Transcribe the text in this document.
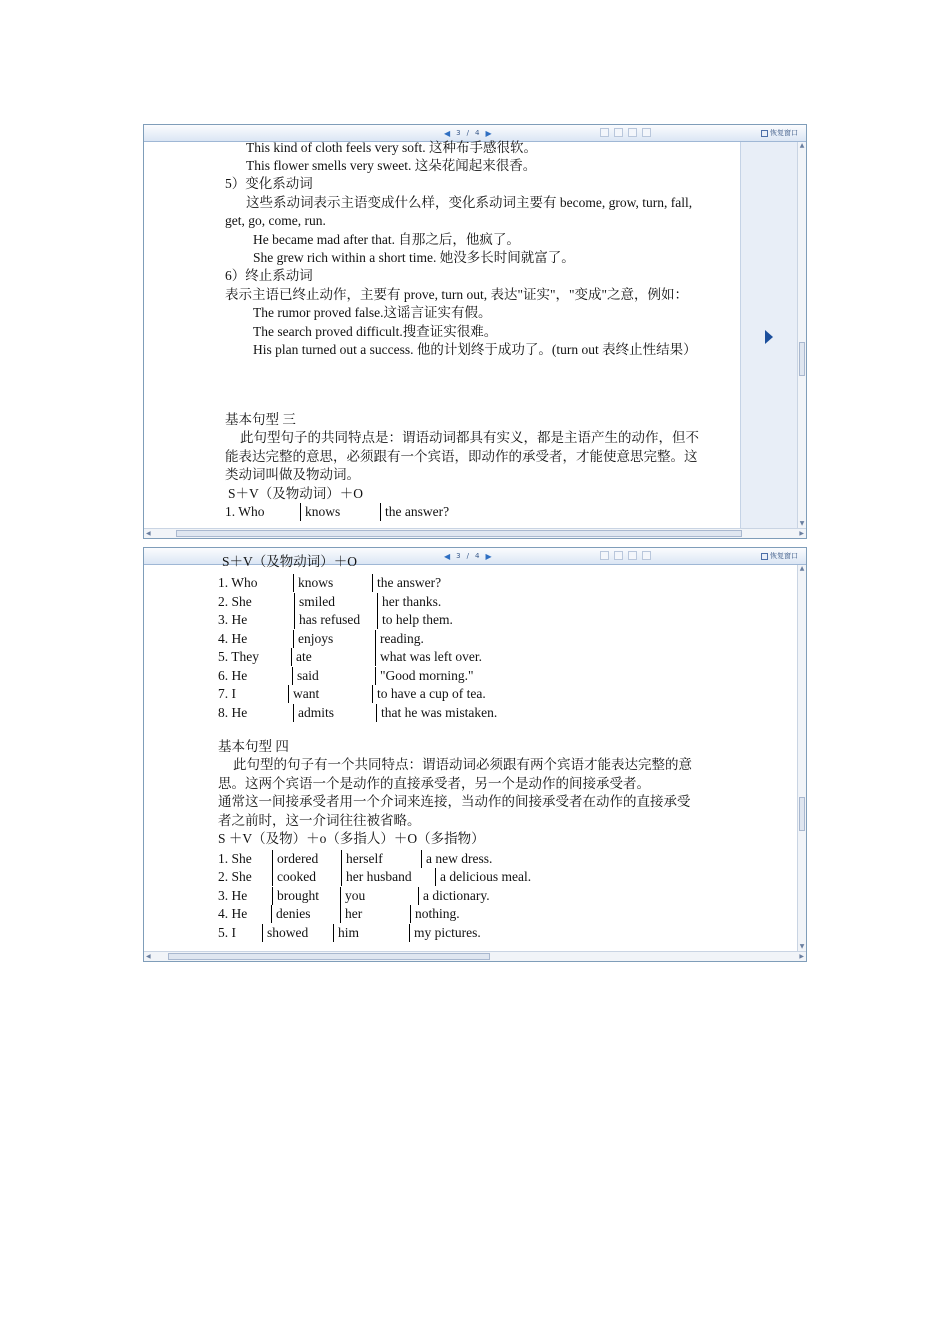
◀ 3 / 4 ▶	恢复窗口
This kind of cloth feels very soft. 这种布手感很软。
This flower smells very sweet. 这朵花闻起来很香。
5）变化系动词
这些系动词表示主语变成什么样，变化系动词主要有 become, grow, turn, fall,
get, go, come, run.
He became mad after that. 自那之后，他疯了。
She grew rich within a short time. 她没多长时间就富了。
6）终止系动词
表示主语已终止动作，主要有 prove, turn out, 表达"证实"，"变成"之意，例如：
The rumor proved false.这谣言证实有假。
The search proved difficult.搜查证实很难。
His plan turned out a success. 他的计划终于成功了。(turn out 表终止性结果）
基本句型 三
此句型句子的共同特点是：谓语动词都具有实义，都是主语产生的动作，但不
能表达完整的意思，必须跟有一个宾语，即动作的承受者，才能使意思完整。这
类动词叫做及物动词。
S＋V（及物动词）＋O
1. Who	knows	the answer?
▲
▼
◀	▶
◀ 3 / 4 ▶	恢复窗口
S＋V（及物动词）＋O
1. Who	knows	the answer?
2. She	smiled	her thanks.
3. He	has refused	to help them.
4. He	enjoys	reading.
5. They	ate	what was left over.
6. He	said	"Good morning."
7. I	want	to have a cup of tea.
8. He	admits	that he was mistaken.
基本句型 四
此句型的句子有一个共同特点：谓语动词必须跟有两个宾语才能表达完整的意
思。这两个宾语一个是动作的直接承受者，另一个是动作的间接承受者。
通常这一间接承受者用一个介词来连接，当动作的间接承受者在动作的直接承受
者之前时，这一介词往往被省略。
S ＋V（及物）＋o（多指人）＋O（多指物）
1. She	ordered	herself	a new dress.
2. She	cooked	her husband	a delicious meal.
3. He	brought	you	a dictionary.
4. He	denies	her	nothing.
5. I	showed	him	my pictures.
▲
▼
◀	▶
